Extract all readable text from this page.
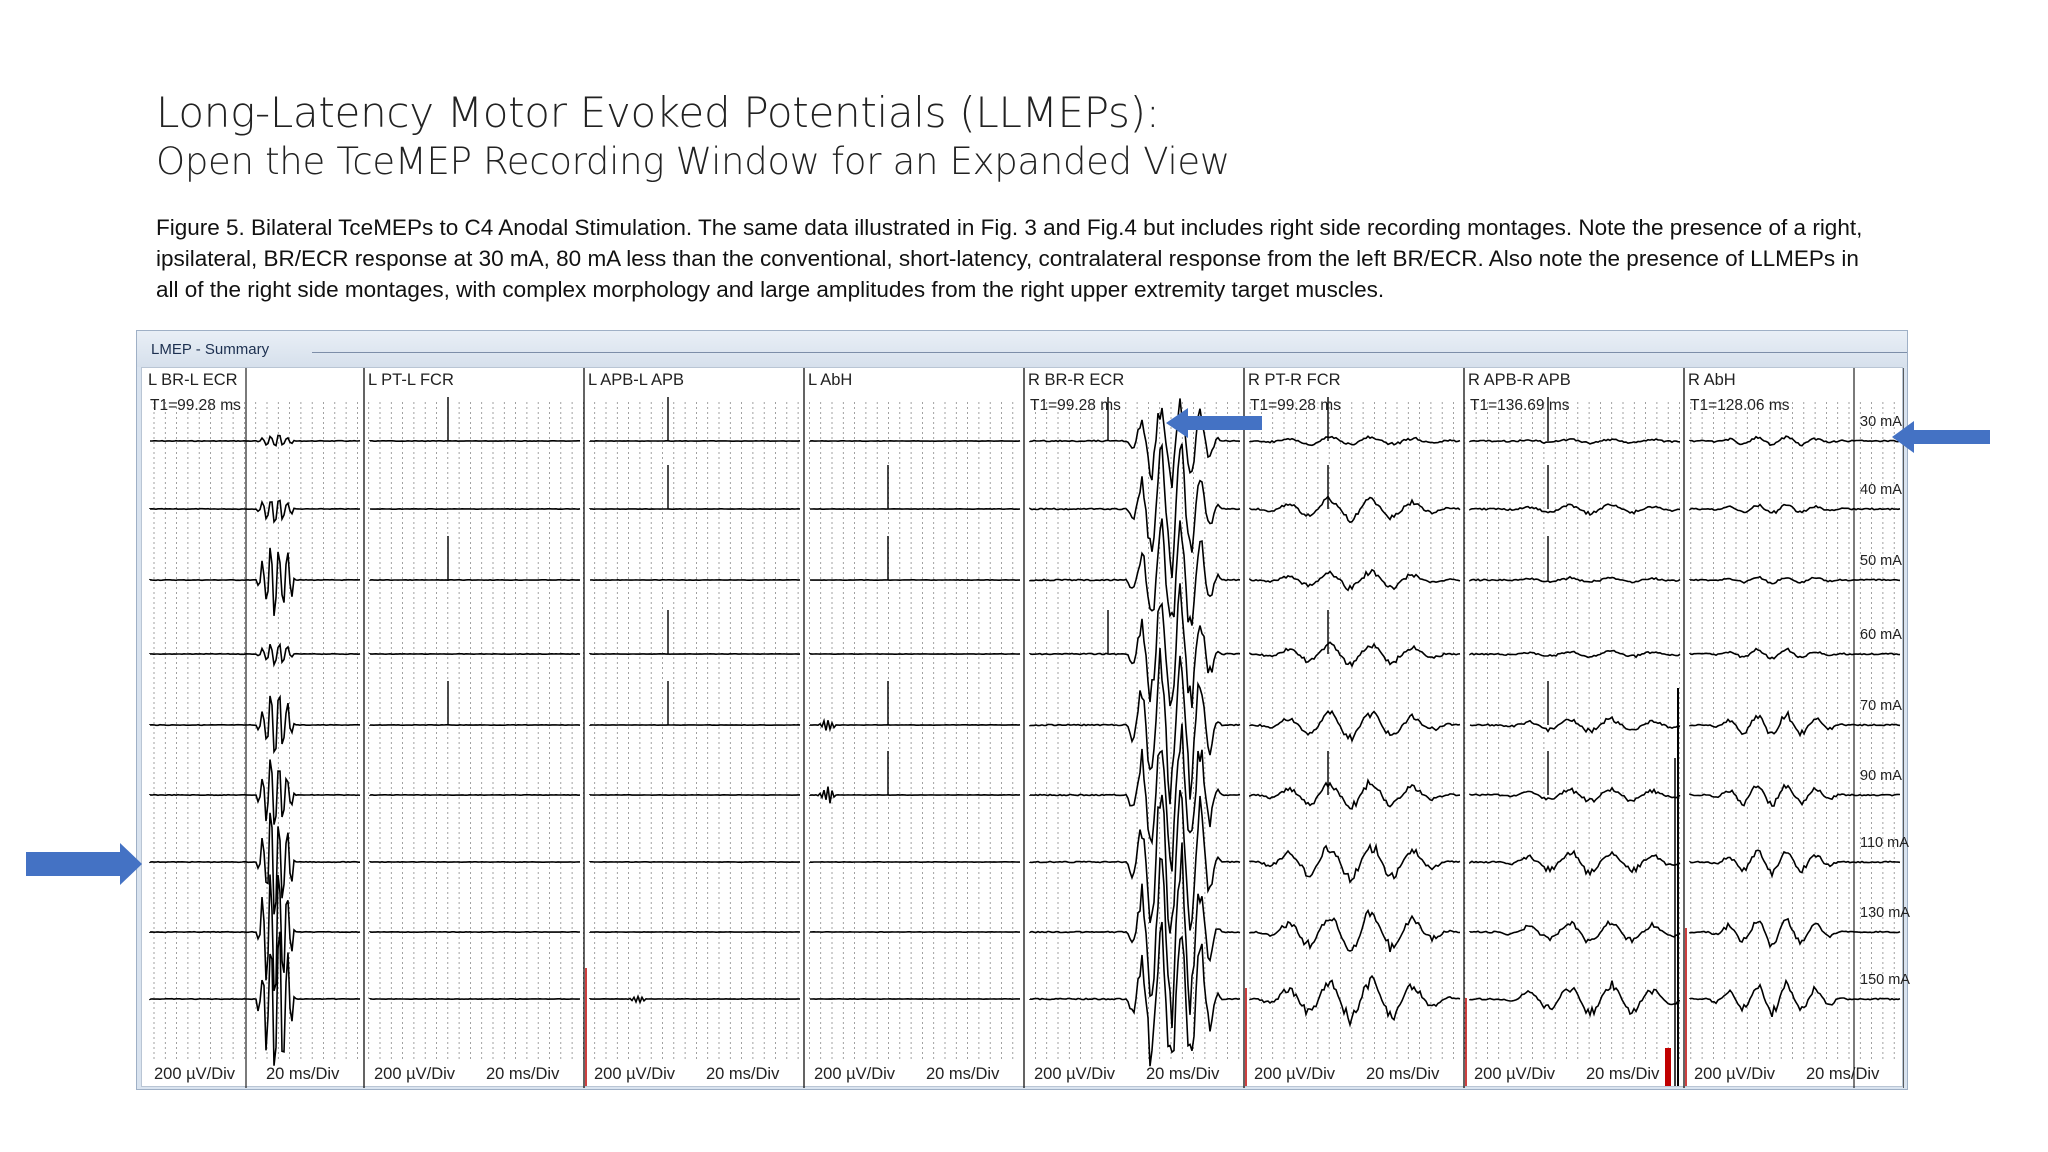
Long-Latency Motor Evoked Potentials (LLMEPs):
Open the TceMEP Recording Window for an Expanded View
Figure 5. Bilateral TceMEPs to C4 Anodal Stimulation. The same data illustrated in Fig. 3 and Fig.4 but includes right side recording montages. Note the presence of a right, ipsilateral, BR/ECR response at 30 mA, 80 mA less than the conventional, short-latency, contralateral response from the left BR/ECR. Also note the presence of LLMEPs in all of the right side montages, with complex morphology and large amplitudes from the right upper extremity target muscles.
LMEP - Summary
L BR-L ECR
T1=99.28 ms
200 µV/Div 20 ms/Div
L PT-L FCR
200 µV/Div 20 ms/Div
L APB-L APB
200 µV/Div 20 ms/Div
L AbH
200 µV/Div 20 ms/Div
R BR-R ECR
T1=99.28 ms
200 µV/Div 20 ms/Div
R PT-R FCR
T1=99.28 ms
200 µV/Div 20 ms/Div
R APB-R APB
T1=136.69 ms
200 µV/Div 20 ms/Div
R AbH
T1=128.06 ms
200 µV/Div 20 ms/Div
30 mA
40 mA
50 mA
60 mA
70 mA
90 mA
110 mA
130 mA
150 mA
